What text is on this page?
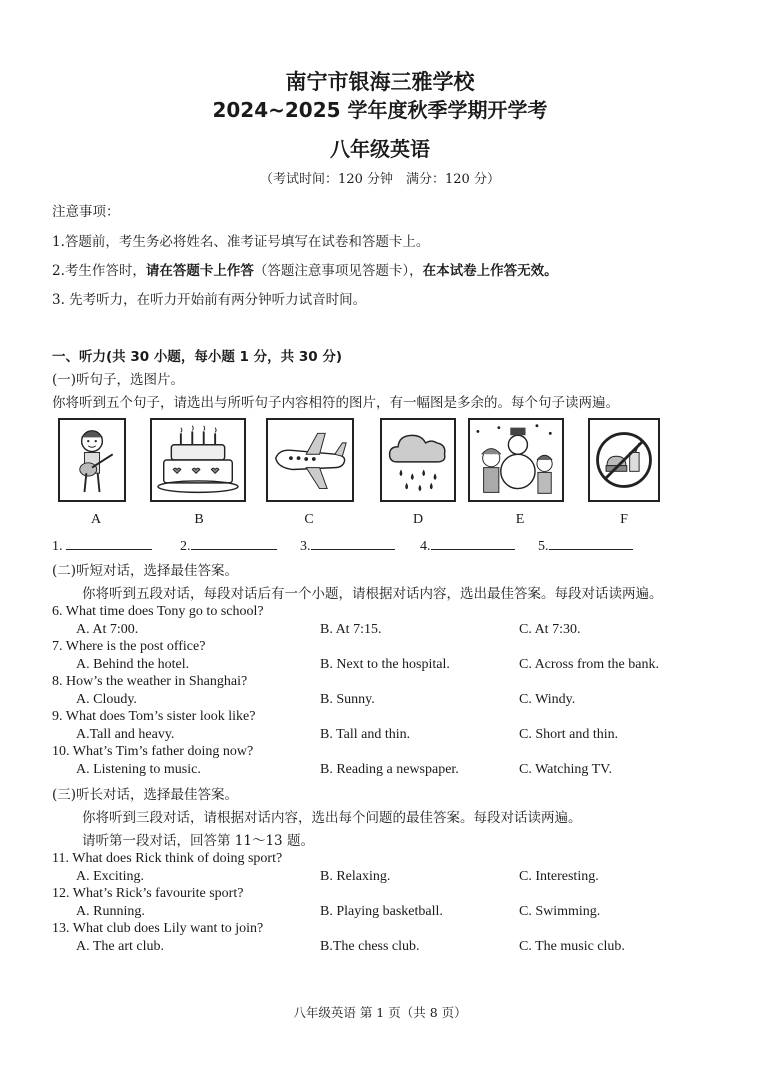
南宁市银海三雅学校
2024~2025 学年度秋季学期开学考
八年级英语
（考试时间：120 分钟　满分：120 分）
注意事项：
1.答题前，考生务必将姓名、准考证号填写在试卷和答题卡上。
2.考生作答时，请在答题卡上作答（答题注意事项见答题卡），在本试卷上作答无效。
3. 先考听力，在听力开始前有两分钟听力试音时间。
一、听力(共 30 小题，每小题 1 分，共 30 分)
(一)听句子，选图片。
你将听到五个句子，请选出与所听句子内容相符的图片，有一幅图是多余的。每个句子读两遍。
A	B	C	D	E	F
1.	2.	3.	4.	5.
(二)听短对话，选择最佳答案。
你将听到五段对话，每段对话后有一个小题，请根据对话内容，选出最佳答案。每段对话读两遍。
6. What time does Tony go to school?
A. At 7:00.	B. At 7:15.	C. At 7:30.
7. Where is the post office?
A. Behind the hotel.	B. Next to the hospital.	C. Across from the bank.
8. How’s the weather in Shanghai?
A. Cloudy.	B. Sunny.	C. Windy.
9. What does Tom’s sister look like?
A.Tall and heavy.	B. Tall and thin.	C. Short and thin.
10. What’s Tim’s father doing now?
A. Listening to music.	B. Reading a newspaper.	C. Watching TV.
(三)听长对话，选择最佳答案。
你将听到三段对话，请根据对话内容，选出每个问题的最佳答案。每段对话读两遍。
请听第一段对话，回答第 11～13 题。
11. What does Rick think of doing sport?
A. Exciting.	B. Relaxing.	C. Interesting.
12. What’s Rick’s favourite sport?
A. Running.	B. Playing basketball.	C. Swimming.
13. What club does Lily want to join?
A. The art club.	B.The chess club.	C. The music club.
八年级英语 第 1 页（共 8 页）
